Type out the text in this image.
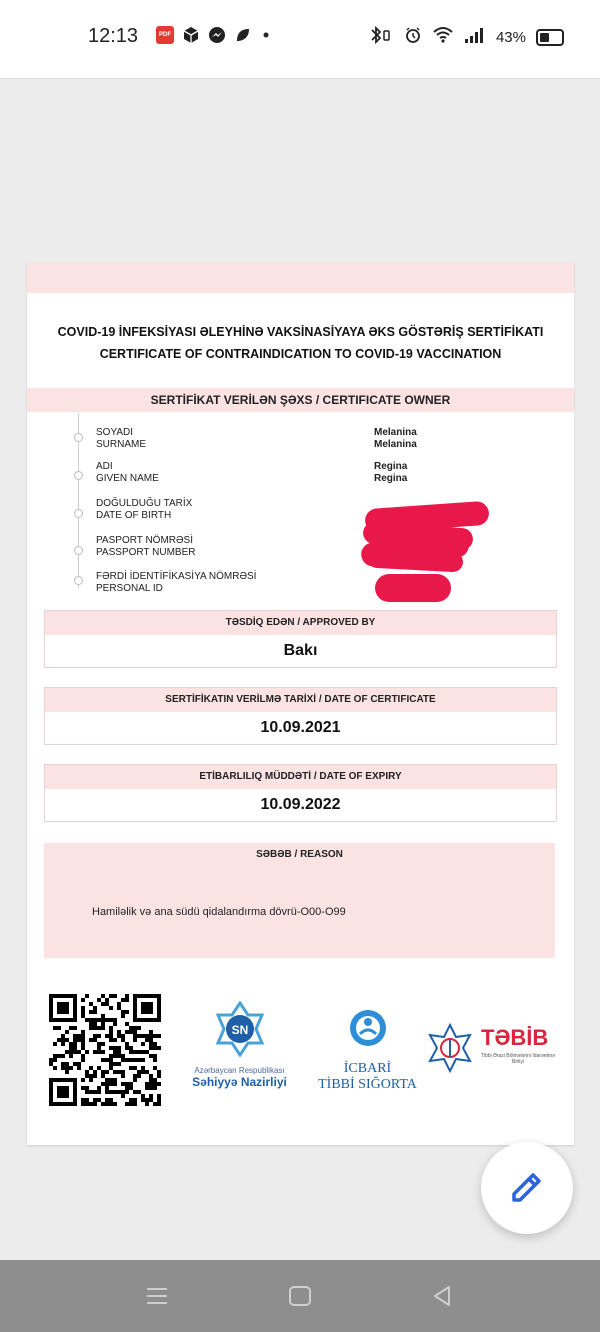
12:13	PDF	43%
COVID-19 İNFEKSİYASI ƏLEYHİNƏ VAKSİNASİYAYA ƏKS GÖSTƏRİŞ SERTİFİKATI
CERTIFICATE OF CONTRAINDICATION TO COVID-19 VACCINATION
SERTİFİKAT VERİLƏN ŞƏXS / CERTIFICATE OWNER
SOYADI
SURNAME
Melanina
Melanina
ADI
GIVEN NAME
Regina
Regina
DOĞULDUĞU TARİX
DATE OF BIRTH
PASPORT NÖMRƏSİ
PASSPORT NUMBER
FƏRDİ İDENTİFİKASİYA NÖMRƏSİ
PERSONAL ID
TƏSDİQ EDƏN / APPROVED BY
Bakı
SERTİFİKATIN VERİLMƏ TARİXİ / DATE OF CERTIFICATE
10.09.2021
ETİBARLILIQ MÜDDƏTİ / DATE OF EXPIRY
10.09.2022
SƏBƏB / REASON
Hamiləlik və ana südü qidalandırma dövrü-O00-O99
SN
Azərbaycan Respublikası
Səhiyyə Nazirliyi
İCBARİ
TİBBİ SIĞORTA
TƏBİB
Tibbi Ərazi Bölmələrini İdarəetmə Birliyi
